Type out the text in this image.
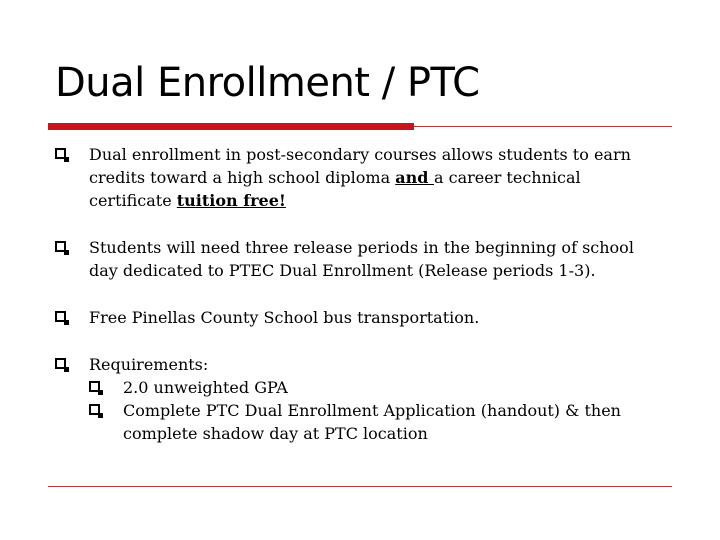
Dual Enrollment / PTC
Dual enrollment in post-secondary courses allows students to earn credits toward a high school diploma and a career technical certificate tuition free!
Students will need three release periods in the beginning of school day dedicated to PTEC Dual Enrollment (Release periods 1-3).
Free Pinellas County School bus transportation.
Requirements:
2.0 unweighted GPA
Complete PTC Dual Enrollment Application (handout) & then complete shadow day at PTC location
